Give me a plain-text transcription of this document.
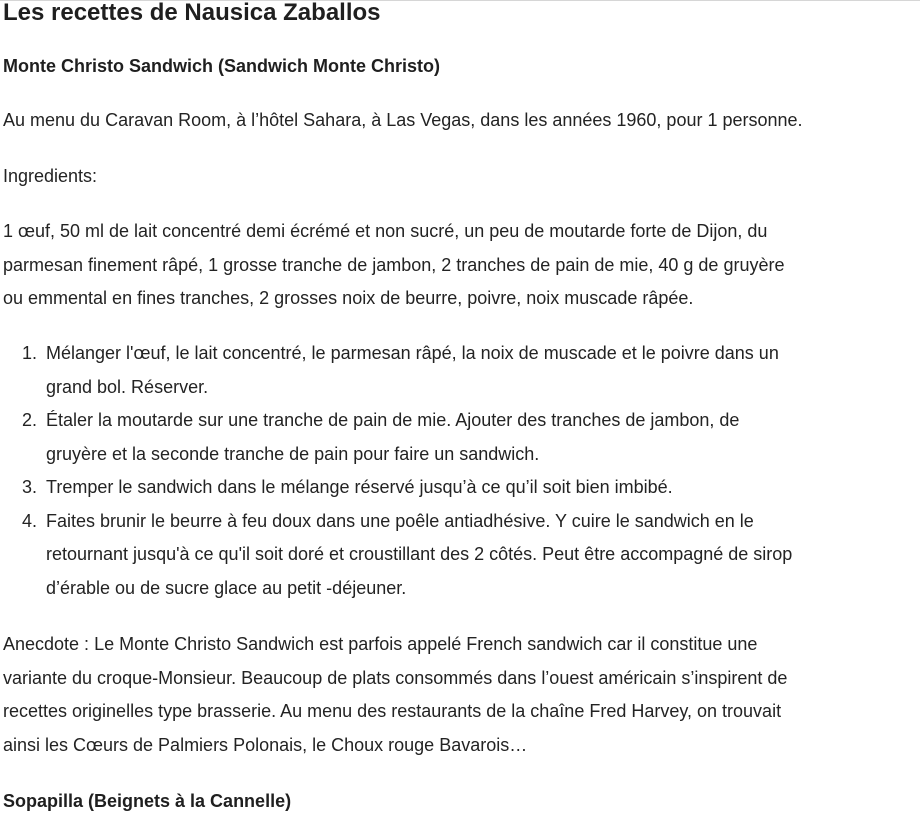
Les recettes de Nausica Zaballos
Monte Christo Sandwich (Sandwich Monte Christo)

Au menu du Caravan Room, à l’hôtel Sahara, à Las Vegas, dans les années 1960, pour 1 personne.

Ingredients:

1 œuf, 50 ml de lait concentré demi écrémé et non sucré, un peu de moutarde forte de Dijon, du
parmesan finement râpé, 1 grosse tranche de jambon, 2 tranches de pain de mie, 40 g de gruyère
ou emmental en fines tranches, 2 grosses noix de beurre, poivre, noix muscade râpée.

1. Mélanger l'œuf, le lait concentré, le parmesan râpé, la noix de muscade et le poivre dans un
grand bol. Réserver.
2. Étaler la moutarde sur une tranche de pain de mie. Ajouter des tranches de jambon, de
gruyère et la seconde tranche de pain pour faire un sandwich.
3. Tremper le sandwich dans le mélange réservé jusqu’à ce qu’il soit bien imbibé.
4. Faites brunir le beurre à feu doux dans une poêle antiadhésive. Y cuire le sandwich en le
retournant jusqu'à ce qu'il soit doré et croustillant des 2 côtés. Peut être accompagné de sirop
d’érable ou de sucre glace au petit -déjeuner.

Anecdote : Le Monte Christo Sandwich est parfois appelé French sandwich car il constitue une
variante du croque-Monsieur. Beaucoup de plats consommés dans l’ouest américain s’inspirent de
recettes originelles type brasserie. Au menu des restaurants de la chaîne Fred Harvey, on trouvait
ainsi les Cœurs de Palmiers Polonais, le Choux rouge Bavarois…

Sopapilla (Beignets à la Cannelle)
